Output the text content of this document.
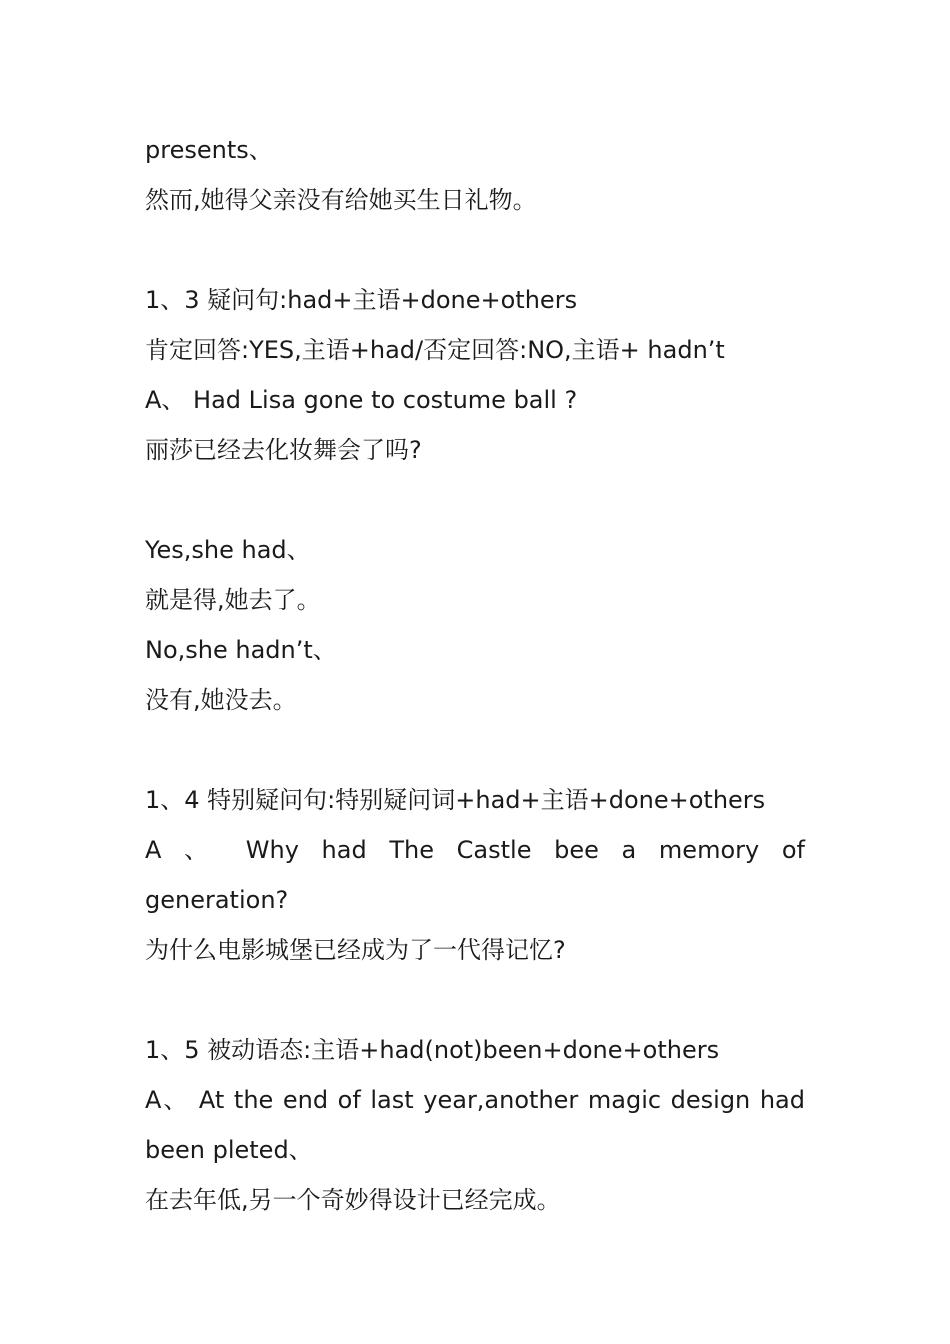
presents、
然而,她得父亲没有给她买生日礼物。
1、3 疑问句:had+主语+done+others
肯定回答:YES,主语+had/否定回答:NO,主语+ hadn’t
A、 Had Lisa gone to costume ball ?
丽莎已经去化妆舞会了吗?
Yes,she had、
就是得,她去了。
No,she hadn’t、
没有,她没去。
1、4 特别疑问句:特别疑问词+had+主语+done+others
A 、 Why had The Castle bee a memory of
generation?
为什么电影城堡已经成为了一代得记忆?
1、5 被动语态:主语+had(not)been+done+others
A、 At the end of last year,another magic design had
been pleted、
在去年低,另一个奇妙得设计已经完成。
